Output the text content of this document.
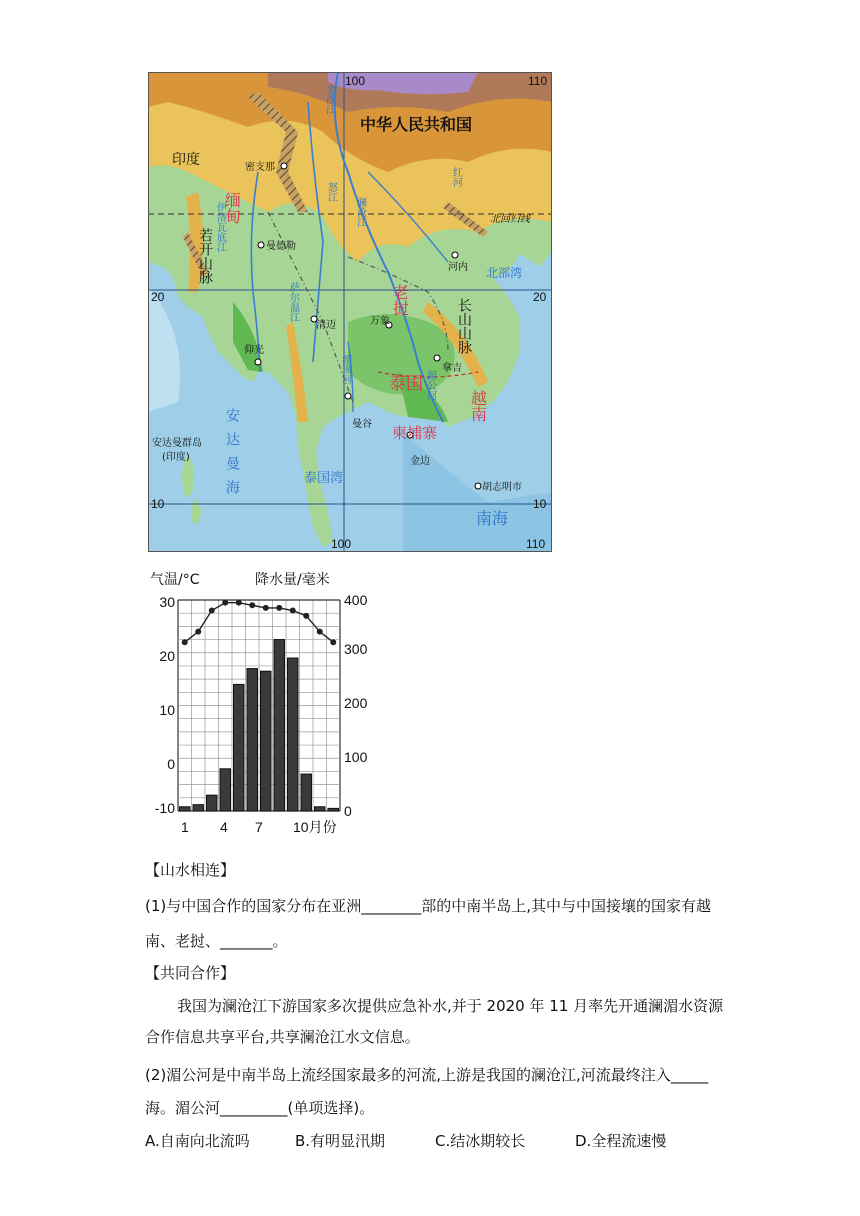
100	110
100	110
20	20
10	10
中华人民共和国
印度
泰国
柬埔寨
缅甸
老挝
越南
密支那
曼德勒
仰光
清迈	万象
河内
拿吉
曼谷
金边
胡志明市
金沙江
怒江
澜沧江
伊洛瓦底江
萨尔温江
红河
湄公河
湄南河
安达曼海	泰国湾
南海
北部湾
若开山脉
长山山脉
安达曼群岛
(印度)
北回归线
气温/°C	降水量/毫米
30
20
10
0
-10
400
300
200
100
0
1 4 7 10月份
【山水相连】
(1)与中国合作的国家分布在亚洲________部的中南半岛上,其中与中国接壤的国家有越
南、老挝、_______。
【共同合作】
我国为澜沧江下游国家多次提供应急补水,并于 2020 年 11 月率先开通澜湄水资源
合作信息共享平台,共享澜沧江水文信息。
(2)湄公河是中南半岛上流经国家最多的河流,上游是我国的澜沧江,河流最终注入_____
海。湄公河_________(单项选择)。
A.自南向北流吗	B.有明显汛期	C.结冰期较长	D.全程流速慢
